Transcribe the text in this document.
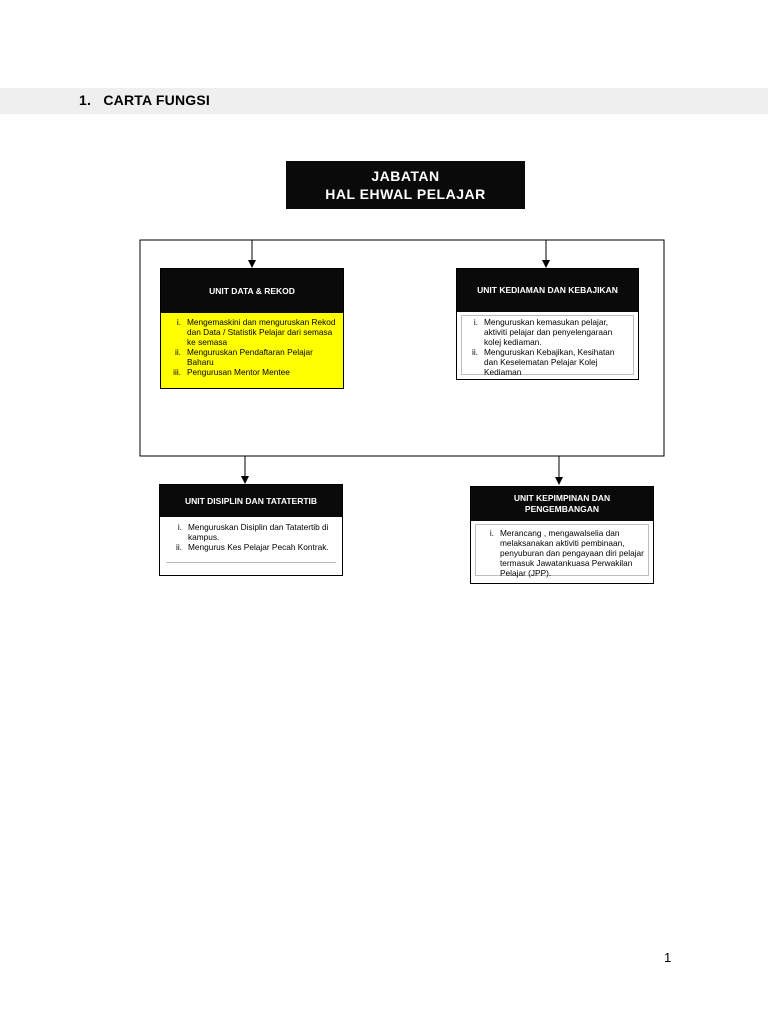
1. CARTA FUNGSI
JABATAN
HAL EHWAL PELAJAR
UNIT DATA & REKOD
i. Mengemaskini dan menguruskan Rekod dan Data / Statistik Pelajar dari semasa ke semasa
ii. Menguruskan Pendaftaran Pelajar Baharu
iii. Pengurusan Mentor Mentee
UNIT KEDIAMAN DAN KEBAJIKAN
i. Menguruskan kemasukan pelajar, aktiviti pelajar dan penyelengaraan kolej kediaman.
ii. Menguruskan Kebajikan, Kesihatan dan Keselematan Pelajar Kolej Kediaman
UNIT DISIPLIN DAN TATATERTIB
i. Menguruskan Disiplin dan Tatatertib di kampus.
ii. Mengurus Kes Pelajar Pecah Kontrak.
UNIT KEPIMPINAN DAN
PENGEMBANGAN
i. Merancang , mengawalselia dan melaksanakan aktiviti pembinaan, penyuburan dan pengayaan diri pelajar termasuk Jawatankuasa Perwakilan Pelajar (JPP).
1
